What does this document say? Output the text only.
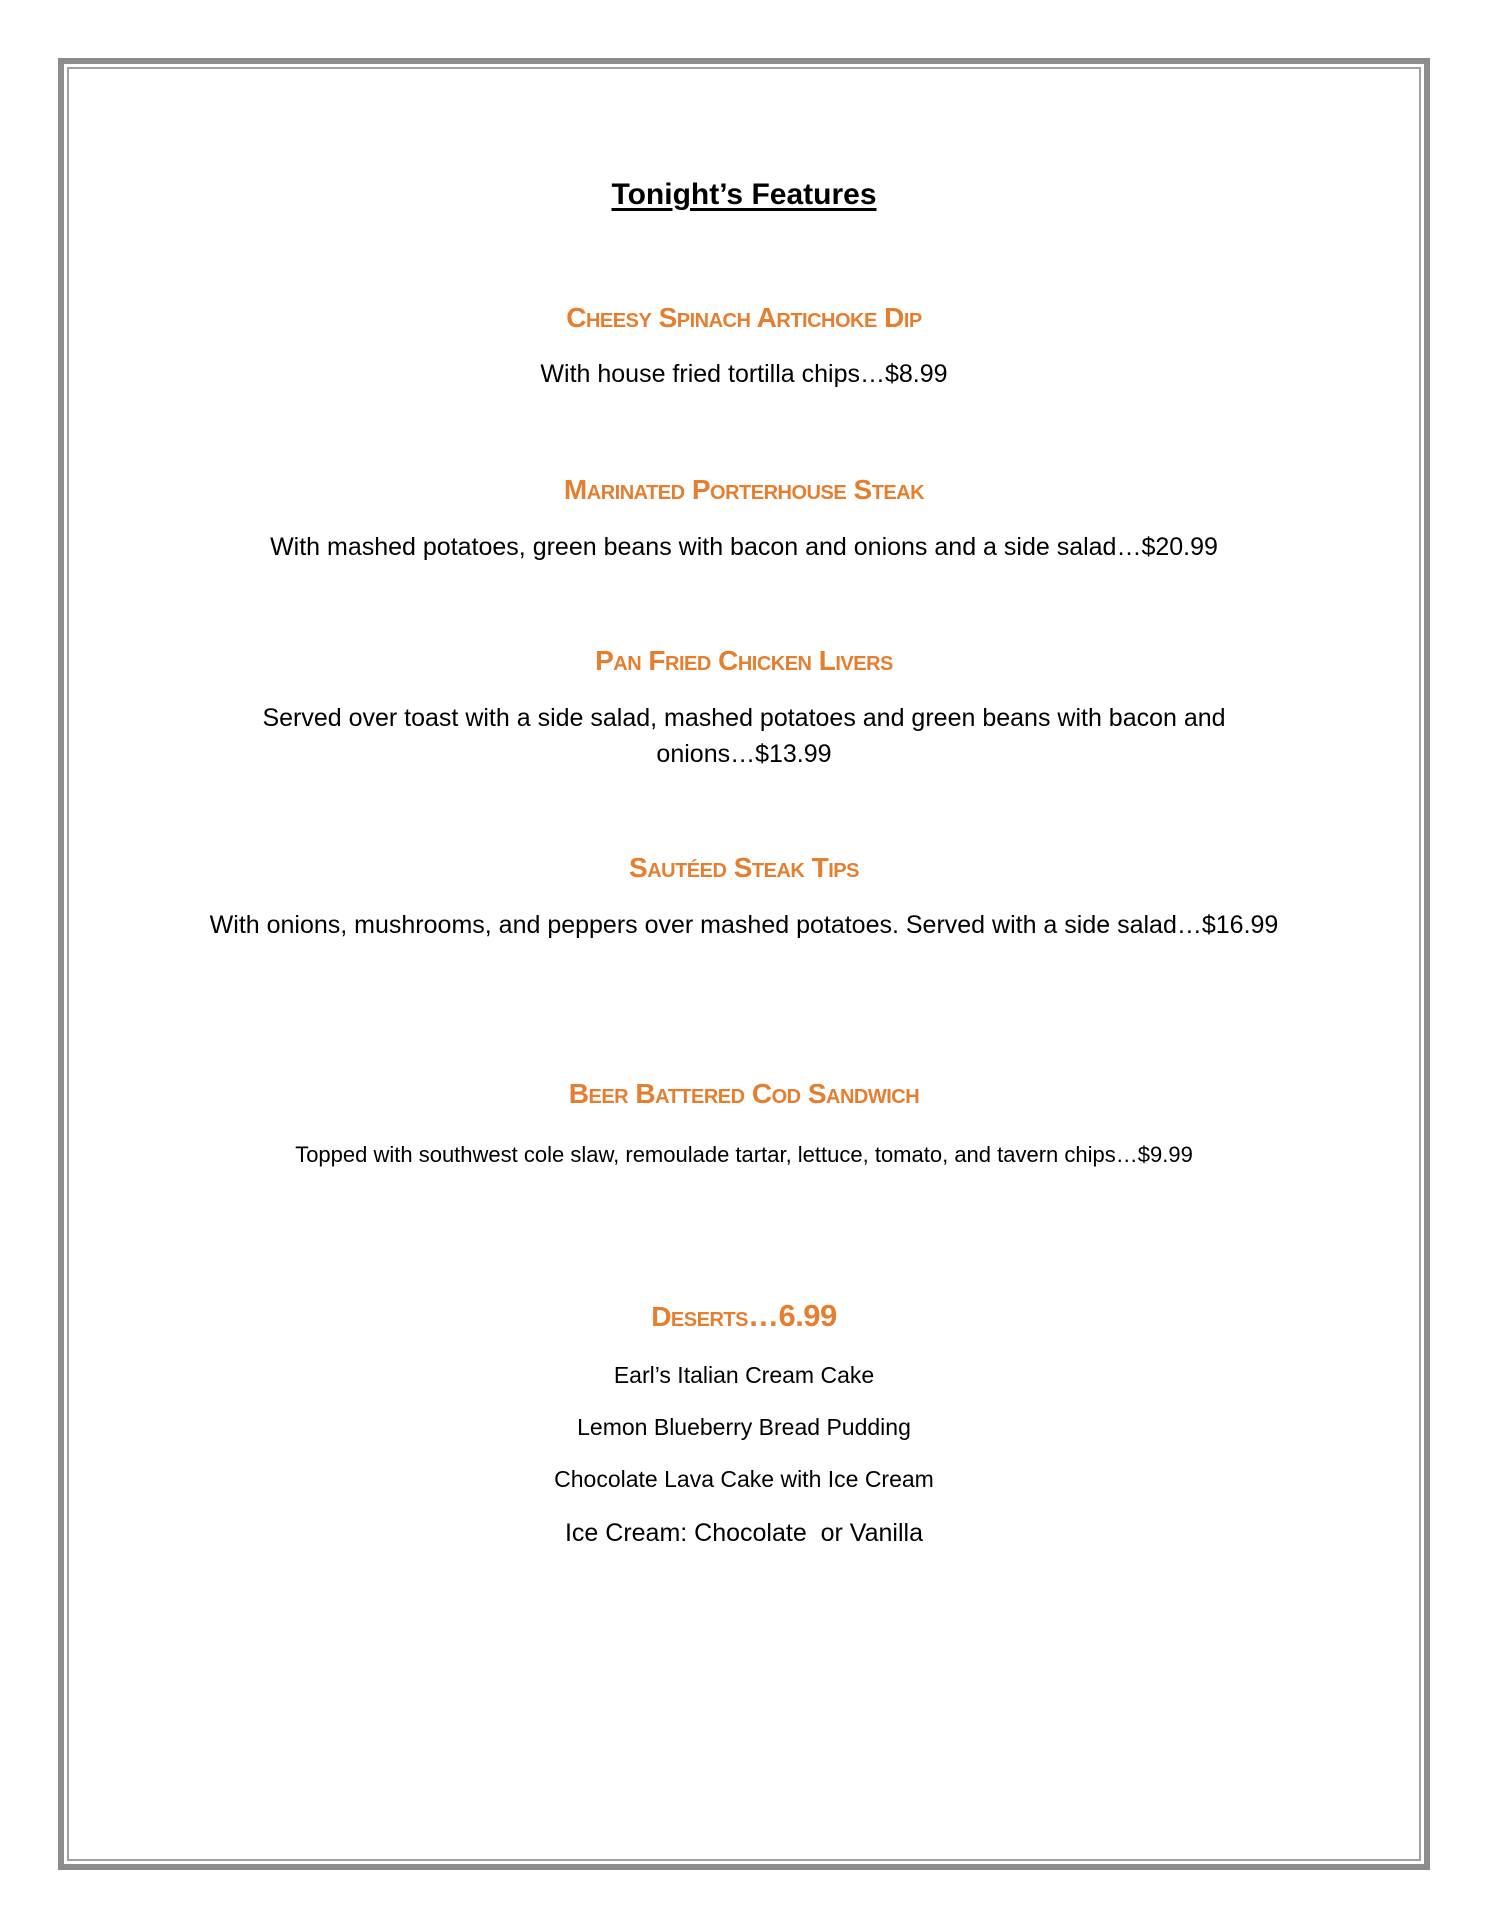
Tonight’s Features
Cheesy Spinach Artichoke Dip
With house fried tortilla chips…$8.99
Marinated Porterhouse Steak
With mashed potatoes, green beans with bacon and onions and a side salad…$20.99
Pan Fried Chicken Livers
Served over toast with a side salad, mashed potatoes and green beans with bacon and
onions…$13.99
Sautéed Steak Tips
With onions, mushrooms, and peppers over mashed potatoes. Served with a side salad…$16.99
Beer Battered Cod Sandwich
Topped with southwest cole slaw, remoulade tartar, lettuce, tomato, and tavern chips…$9.99
Deserts…6.99
Earl’s Italian Cream Cake
Lemon Blueberry Bread Pudding
Chocolate Lava Cake with Ice Cream
Ice Cream: Chocolate  or Vanilla
